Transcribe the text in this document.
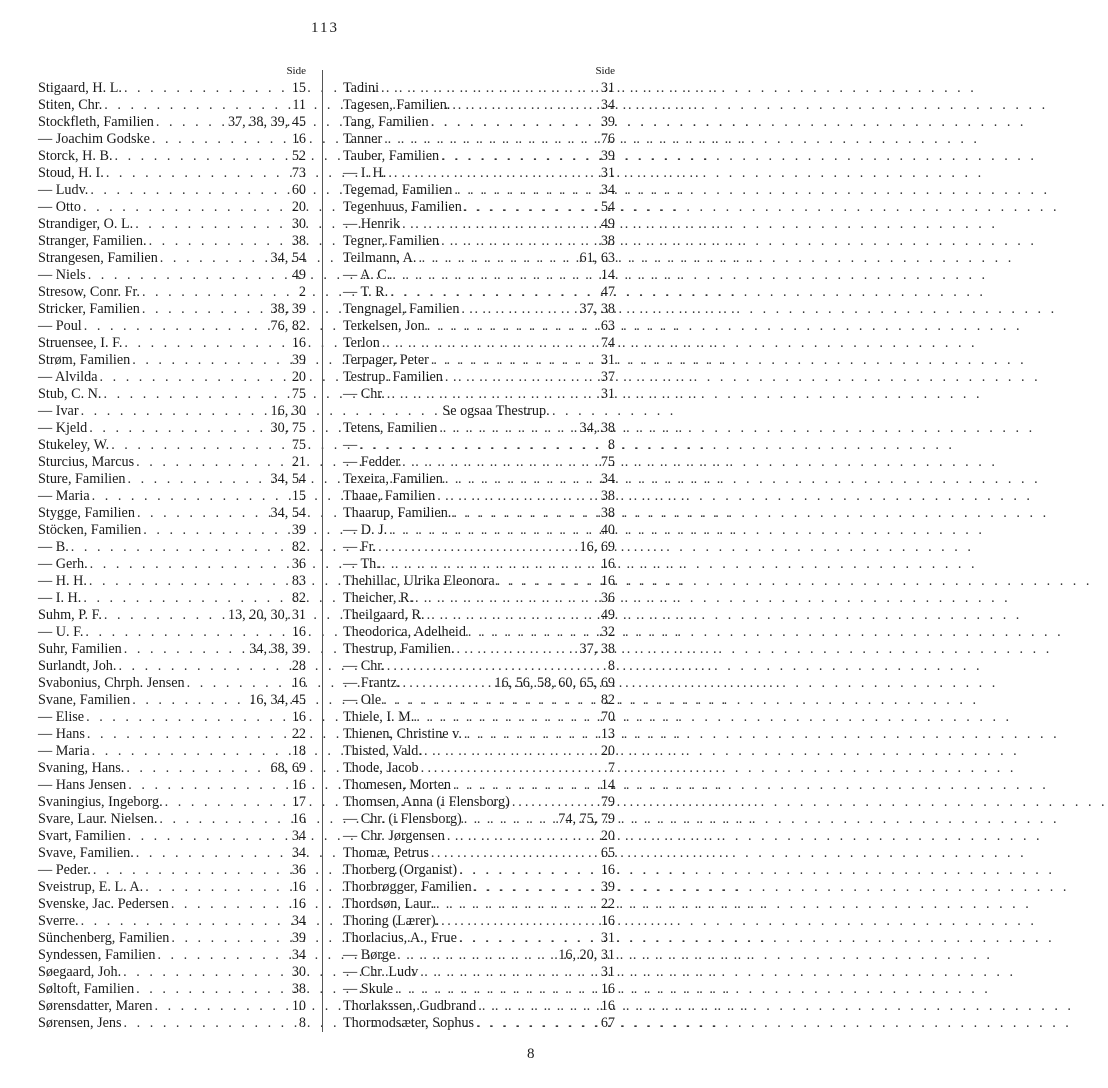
113
Side
Stigaard, H. L. . . .	15
Stiten, Chr. . . .	11
Stockfleth, Familien . . .	37, 38, 39, 45
— Joachim Godske . . .	16
Storck, H. B. . . .	52
Stoud, H. I. . . .	73
— Ludv. . . .	60
— Otto . . .	20
Strandiger, O. L. . . .	30
Stranger, Familien. . . .	38
Strangesen, Familien . . .	34, 54
— Niels . . .	49
Stresow, Conr. Fr. . . .	2
Stricker, Familien . . .	38, 39
— Poul . . .	76, 82
Struensee, I. F. . . .	16
Strøm, Familien . . .	39
— Alvilda . . .	20
Stub, C. N. . . .	75
— Ivar . . .	16, 30
— Kjeld . . .	30, 75
Stukeley, W. . . .	75
Sturcius, Marcus . . .	21
Sture, Familien . . .	34, 54
— Maria . . .	15
Stygge, Familien . . .	34, 54
Stöcken, Familien . . .	39
— B. . . .	82
— Gerh. . . .	36
— H. H. . . .	83
— I. H. . . .	82
Suhm, P. F. . . .	13, 20, 30, 31
— U. F. . . .	16
Suhr, Familien . . .	34, 38, 39
Surlandt, Joh. . . .	28
Svabonius, Chrph. Jensen . . .	16
Svane, Familien . . .	16, 34, 45
— Elise . . .	16
— Hans . . .	22
— Maria . . .	18
Svaning, Hans. . . .	68, 69
— Hans Jensen . . .	16
Svaningius, Ingeborg. . . .	17
Svare, Laur. Nielsen. . . .	16
Svart, Familien . . .	34
Svave, Familien. . . .	34
— Peder. . . .	36
Sveistrup, E. L. A. . . .	16
Svenske, Jac. Pedersen . . .	16
Sverre. . . .	34
Sünchenberg, Familien . . .	39
Syndessen, Familien . . .	34
Søegaard, Joh. . . .	30
Søltoft, Familien . . .	38
Sørensdatter, Maren . . .	10
Sørensen, Jens . . .	8
Side
Tadini . . .	31
Tagesen, Familien. . . .	34
Tang, Familien . . .	39
Tanner . . .	76
Tauber, Familien . . .	39
— I. H. . . .	31
Tegemad, Familien . . .	34
Tegenhuus, Familien . . .	54
— Henrik . . .	49
Tegner, Familien . . .	38
Teilmann, A. . . .	61, 63
— A. C. . . .	14
— T. R. . . .	47
Tengnagel, Familien . . .	37, 38
Terkelsen, Jon . . .	63
Terlon . . .	74
Terpager, Peter . . .	31
Testrup. Familien . . .	37
— Chr. . . .	31
Se ogsaa Thestrup.
Tetens, Familien . . .	34, 38
— . . .	8
— Fedder . . .	75
Texeira, Familien . . .	34
Thaae, Familien . . .	38
Thaarup, Familien. . . .	38
— D. J. . . .	40
— Fr. . . .	16, 69
— Th. . . .	16
Thehillac, Ulrika Eleonora . . .	16
Theicher, R. . . .	36
Theilgaard, R. . . .	49
Theodorica, Adelheid . . .	32
Thestrup, Familien. . . .	37, 38
— Chr. . . .	8
— Frantz. . . .	16, 56, 58, 60, 65, 69
— Ole . . .	82
Thiele, I. M. . . .	70
Thienen, Christine v. . . .	13
Thisted, Vald. . . .	20
Thode, Jacob . . .	7
Thomesen, Morten . . .	14
Thomsen, Anna (i Flensborg) . . .	79
— Chr. (i Flensborg) . . .	74, 75, 79
— Chr. Jørgensen . . .	20
Thomæ, Petrus . . .	65
Thorberg (Organist) . . .	16
Thorbrøgger, Familien . . .	39
Thordsøn, Laur. . . .	22
Thoring (Lærer). . . .	16
Thorlacius, A., Frue . . .	31
— Børge . . .	16, 20, 31
— Chr. Ludv . . .	31
— Skule . . .	16
Thorlakssen, Gudbrand . . .	16
Thormodsæter, Sophus . . .	67
8
